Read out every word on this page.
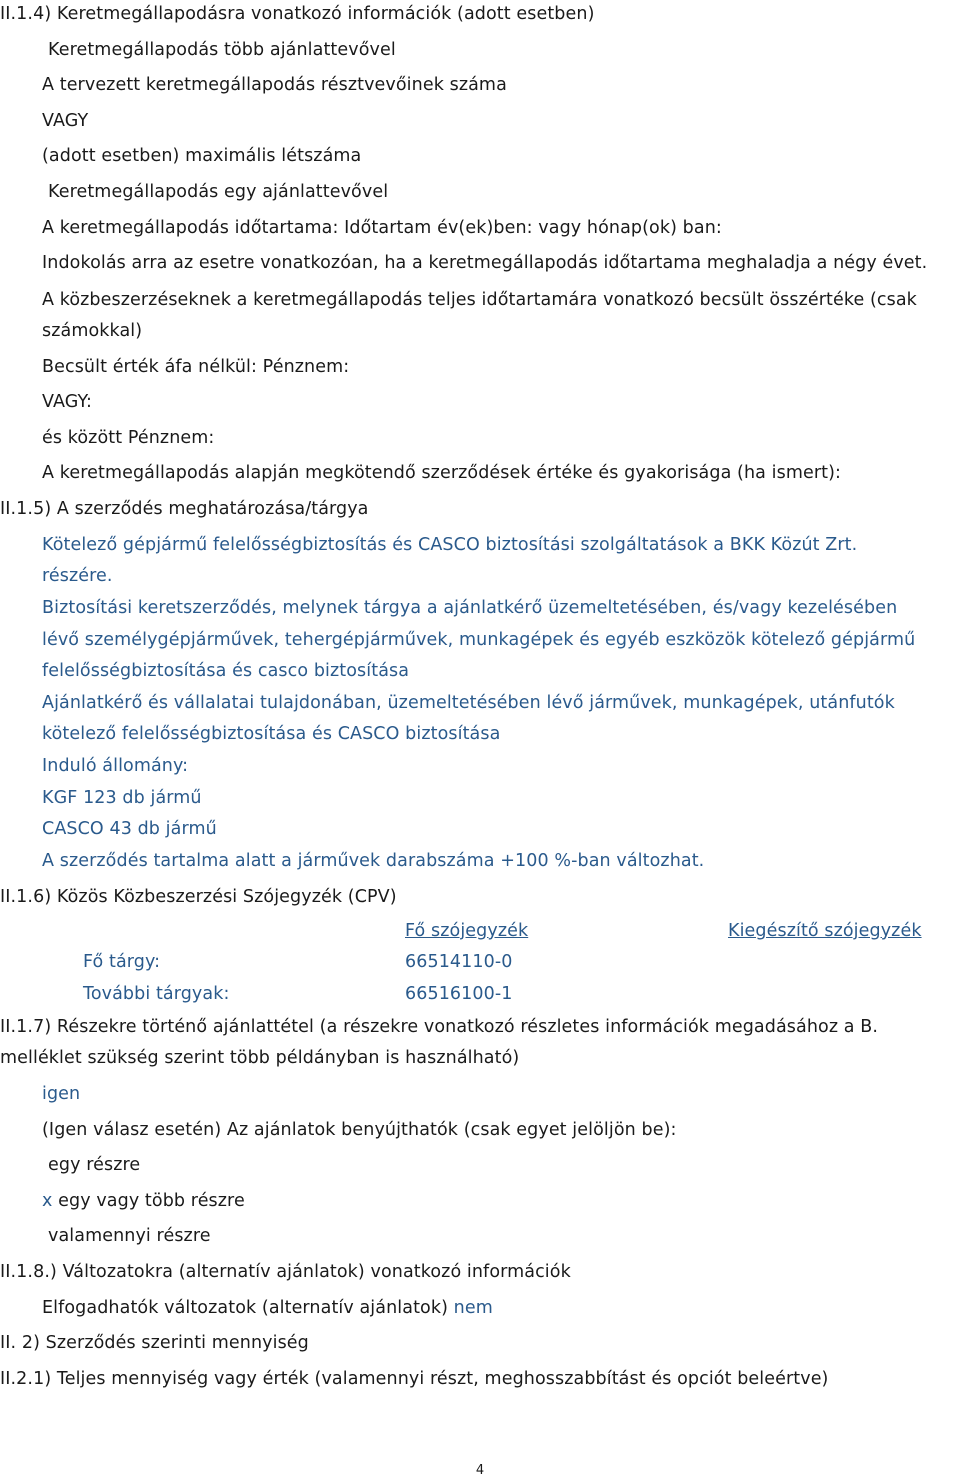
II.1.4) Keretmegállapodásra vonatkozó információk (adott esetben)
Keretmegállapodás több ajánlattevővel
A tervezett keretmegállapodás résztvevőinek száma
VAGY
(adott esetben) maximális létszáma
Keretmegállapodás egy ajánlattevővel
A keretmegállapodás időtartama: Időtartam év(ek)ben: vagy hónap(ok) ban:
Indokolás arra az esetre vonatkozóan, ha a keretmegállapodás időtartama meghaladja a négy évet.
A közbeszerzéseknek a keretmegállapodás teljes időtartamára vonatkozó becsült összértéke (csak
számokkal)
Becsült érték áfa nélkül: Pénznem:
VAGY:
és között Pénznem:
A keretmegállapodás alapján megkötendő szerződések értéke és gyakorisága (ha ismert):
II.1.5) A szerződés meghatározása/tárgya
Kötelező gépjármű felelősségbiztosítás és CASCO biztosítási szolgáltatások a BKK Közút Zrt.
részére.
Biztosítási keretszerződés, melynek tárgya a ajánlatkérő üzemeltetésében, és/vagy kezelésében
lévő személygépjárművek, tehergépjárművek, munkagépek és egyéb eszközök kötelező gépjármű
felelősségbiztosítása és casco biztosítása
Ajánlatkérő és vállalatai tulajdonában, üzemeltetésében lévő járművek, munkagépek, utánfutók
kötelező felelősségbiztosítása és CASCO biztosítása
Induló állomány:
KGF 123 db jármű
CASCO 43 db jármű
A szerződés tartalma alatt a járművek darabszáma +100 %-ban változhat.
II.1.6) Közös Közbeszerzési Szójegyzék (CPV)
Fő szójegyzék	Kiegészítő szójegyzék
Fő tárgy:	66514110-0
További tárgyak:	66516100-1
II.1.7) Részekre történő ajánlattétel (a részekre vonatkozó részletes információk megadásához a B.
melléklet szükség szerint több példányban is használható)
igen
(Igen válasz esetén) Az ajánlatok benyújthatók (csak egyet jelöljön be):
egy részre
x egy vagy több részre
valamennyi részre
II.1.8.) Változatokra (alternatív ajánlatok) vonatkozó információk
Elfogadhatók változatok (alternatív ajánlatok) nem
II. 2) Szerződés szerinti mennyiség
II.2.1) Teljes mennyiség vagy érték (valamennyi részt, meghosszabbítást és opciót beleértve)
4
